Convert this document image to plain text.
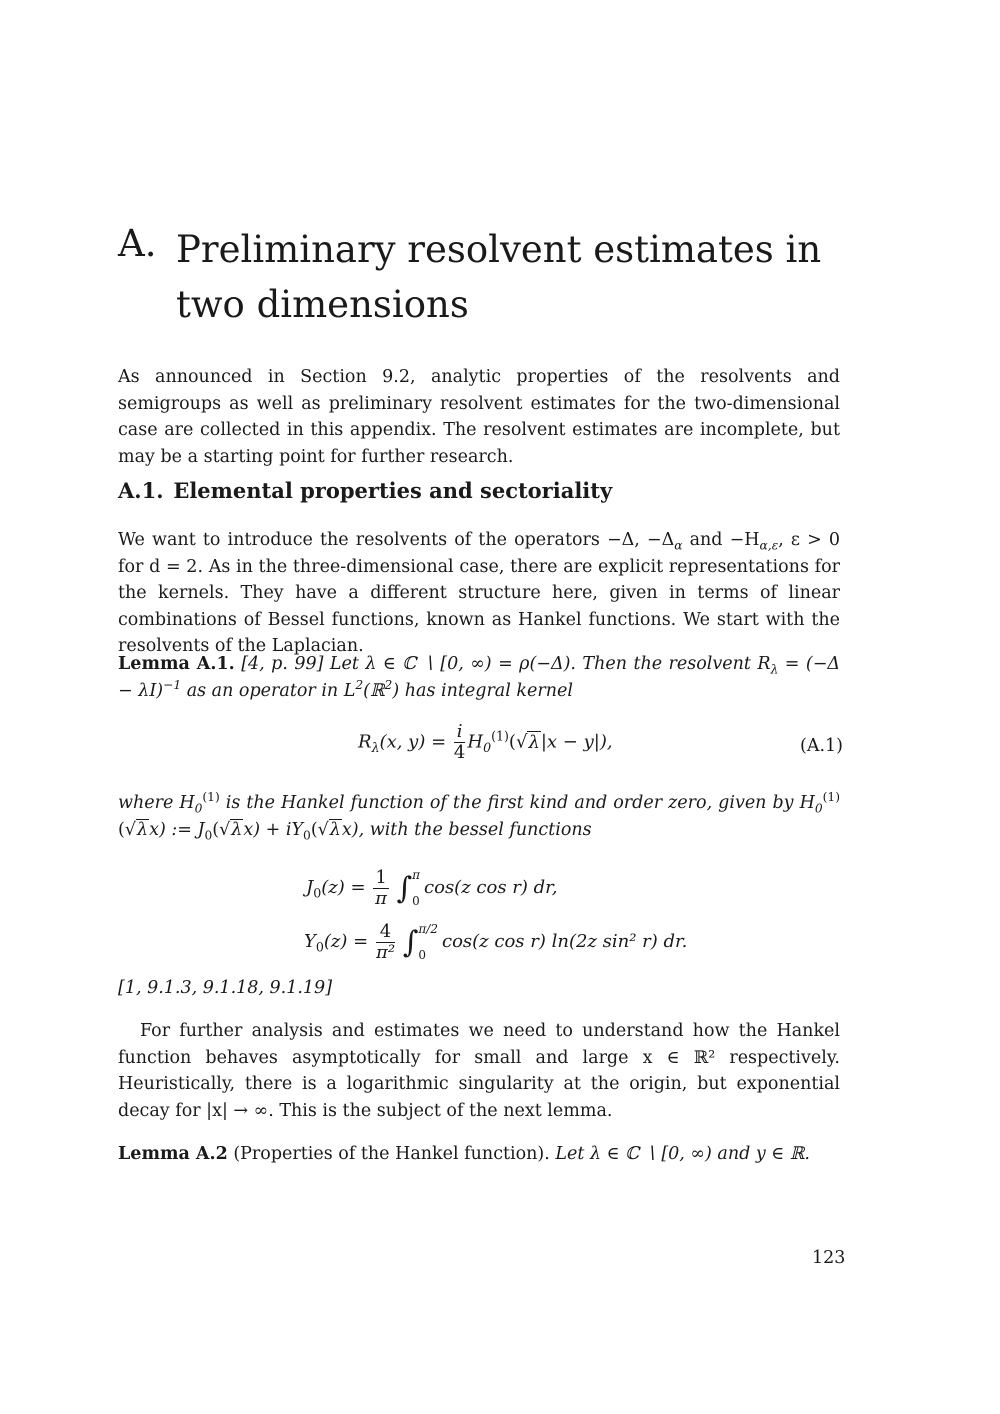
A. Preliminary resolvent estimates in two dimensions
As announced in Section 9.2, analytic properties of the resolvents and semigroups as well as preliminary resolvent estimates for the two-dimensional case are collected in this appendix. The resolvent estimates are incomplete, but may be a starting point for further research.
A.1. Elemental properties and sectoriality
We want to introduce the resolvents of the operators −Δ, $-\Delta_\alpha$ and $-H_{\alpha,\varepsilon}$, ε > 0 for d = 2. As in the three-dimensional case, there are explicit representations for the kernels. They have a different structure here, given in terms of linear combinations of Bessel functions, known as Hankel functions. We start with the resolvents of the Laplacian.
Lemma A.1. [4, p. 99] Let λ ∈ ℂ ∖ [0, ∞) = ρ(−Δ). Then the resolvent $R_\lambda = (-\Delta - \lambda I)^{-1}$ as an operator in $L^2(ℝ^2)$ has integral kernel
$R_\lambda(x$, $y) = \frac{i}{4} H_0^{(1)}(√\lambda|x - y|)$,	(A.1)
where $H_0^{(1)}$ is the Hankel function of the first kind and order zero, given by $H_0^{(1)}(√\lambda x)$ := $J_0(√\lambda x) + iY_0(√\lambda x)$, with the bessel functions
$J_0(z) = \frac{1}{\pi}$ ∫ π
0
cos(z cos r) dr,
$Y_0(z) = \frac{4}{\text{π²}}$ ∫ π/2
0
cos(z cos r) ln(2z sin² r) dr.
[1, 9.1.3, 9.1.18, 9.1.19]
For further analysis and estimates we need to understand how the Hankel function behaves asymptotically for small and large x ∈ ℝ² respectively. Heuristically, there is a logarithmic singularity at the origin, but exponential decay for |x| → ∞. This is the subject of the next lemma.
Lemma A.2 (Properties of the Hankel function). Let λ ∈ ℂ ∖ [0, ∞) and y ∈ ℝ.
123
